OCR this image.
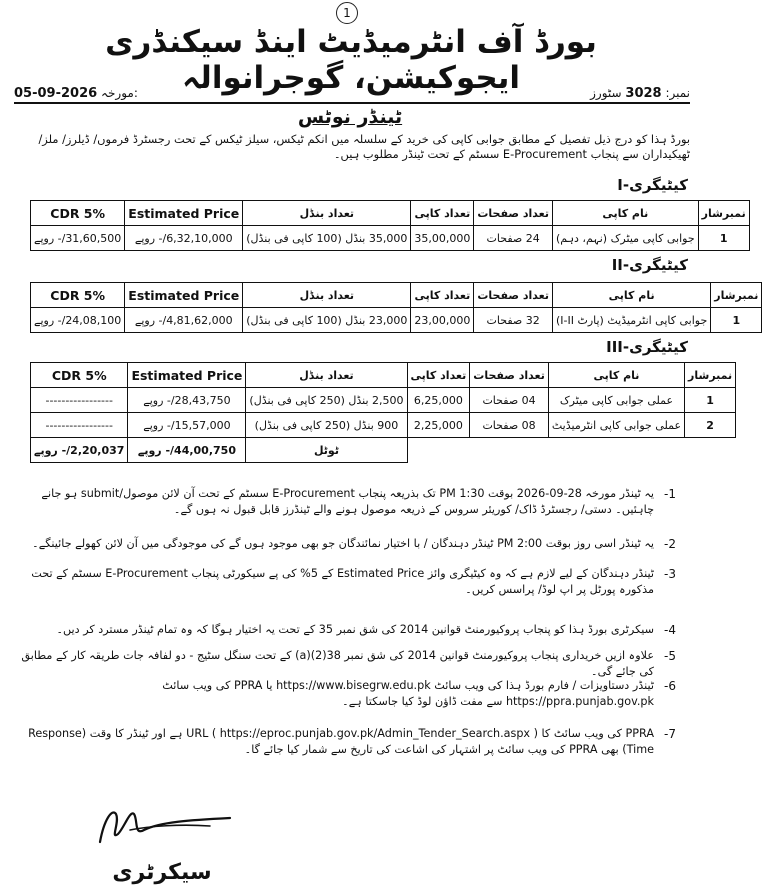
1
بورڈ آف انٹرمیڈیٹ اینڈ سیکنڈری ایجوکیشن، گوجرانوالہ	نمبر: 3028 سٹورز
05-09-2026 مورخہ:
ٹینڈر نوٹس
بورڈ ہذا کو درج ذیل تفصیل کے مطابق جوابی کاپی کی خرید کے سلسلہ میں انکم ٹیکس، سیلز ٹیکس کے تحت رجسٹرڈ فرموں/ ڈیلرز/ ملز/ ٹھیکیداران سے پنجاب E-Procurement سسٹم کے تحت ٹینڈر مطلوب ہیں۔
کیٹیگری-I
نمبرشار	نام کاپی	تعداد صفحات	تعداد کاپی	تعداد بنڈل	Estimated Price	CDR 5%
1	جوابی کاپی میٹرک (نہم، دہم)	24 صفحات	35,00,000	35,000 بنڈل (100 کاپی فی بنڈل)	6,32,10,000/- روپے	31,60,500/- روپے
کیٹیگری-II
نمبرشار	نام کاپی	تعداد صفحات	تعداد کاپی	تعداد بنڈل	Estimated Price	CDR 5%
1	جوابی کاپی انٹرمیڈیٹ (پارٹ I-II)	32 صفحات	23,00,000	23,000 بنڈل (100 کاپی فی بنڈل)	4,81,62,000/- روپے	24,08,100/- روپے
کیٹیگری-III
نمبرشار	نام کاپی	تعداد صفحات	تعداد کاپی	تعداد بنڈل	Estimated Price	CDR 5%
1	عملی جوابی کاپی میٹرک	04 صفحات	6,25,000	2,500 بنڈل (250 کاپی فی بنڈل)	28,43,750/- روپے	-----------------
2	عملی جوابی کاپی انٹرمیڈیٹ	08 صفحات	2,25,000	900 بنڈل (250 کاپی فی بنڈل)	15,57,000/- روپے	-----------------
				ٹوٹل	44,00,750/- روپے	2,20,037/- روپے
-1
یہ ٹینڈر مورخہ 28-09-2026 بوقت 1:30 PM تک بذریعہ پنجاب E-Procurement سسٹم کے تحت آن لائن موصول/submit ہو جانے چاہئیں۔ دستی/ رجسٹرڈ ڈاک/ کوریئر سروس کے ذریعہ موصول ہونے والے ٹینڈرز قابل قبول نہ ہوں گے۔
-2
یہ ٹینڈر اسی روز بوقت 2:00 PM ٹینڈر دہندگان / با اختیار نمائندگان جو بھی موجود ہوں گے کی موجودگی میں آن لائن کھولے جائینگے۔
-3
ٹینڈر دہندگان کے لیے لازم ہے کہ وہ کیٹیگری وائز Estimated Price کے 5% کی پے سیکورٹی پنجاب E-Procurement سسٹم کے تحت مذکورہ پورٹل پر اپ لوڈ/ پراسس کریں۔
-4
سیکرٹری بورڈ ہذا کو پنجاب پروکیورمنٹ قوانین 2014 کی شق نمبر 35 کے تحت یہ اختیار ہوگا کہ وہ تمام ٹینڈر مسترد کر دیں۔
-5
علاوہ ازیں خریداری پنجاب پروکیورمنٹ قوانین 2014 کی شق نمبر 38(2)(a) کے تحت سنگل سٹیج - دو لفافہ جات طریقہ کار کے مطابق کی جائے گی۔
-6
ٹینڈر دستاویزات / فارم بورڈ ہذا کی ویب سائٹ https://www.bisegrw.edu.pk یا PPRA کی ویب سائٹ https://ppra.punjab.gov.pk سے مفت ڈاؤن لوڈ کیا جاسکتا ہے۔
-7
PPRA کی ویب سائٹ کا URL ( https://eproc.punjab.gov.pk/Admin_Tender_Search.aspx ) ہے اور ٹینڈر کا وقت (Response Time) بھی PPRA کی ویب سائٹ پر اشتہار کی اشاعت کی تاریخ سے شمار کیا جائے گا۔
سیکرٹری
